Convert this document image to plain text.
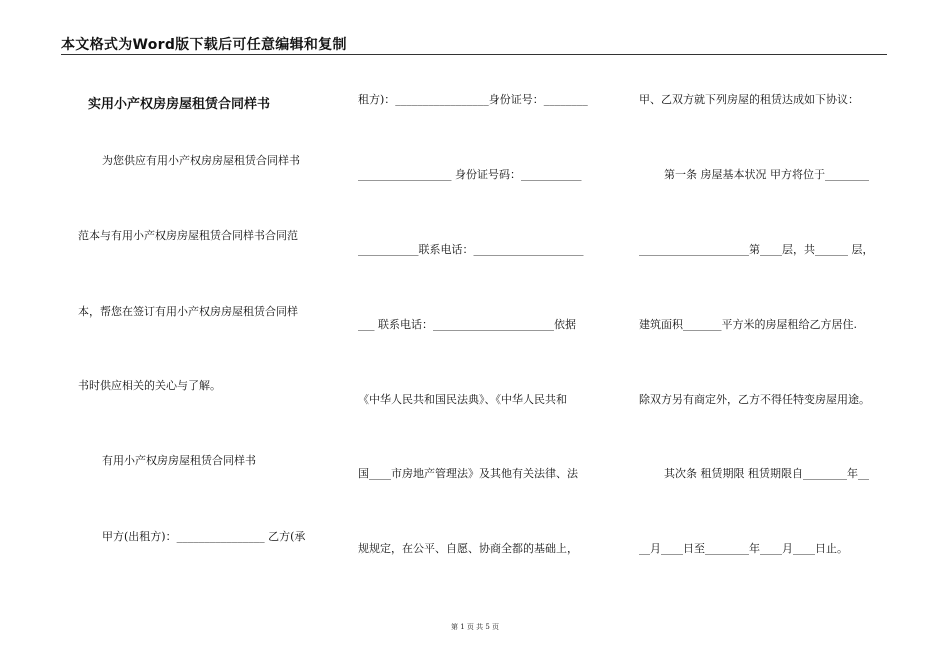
本文格式为Word版下载后可任意编辑和复制
实用小产权房房屋租赁合同样书
为您供应有用小产权房房屋租赁合同样书
范本与有用小产权房房屋租赁合同样书合同范
本，帮您在签订有用小产权房房屋租赁合同样
书时供应相关的关心与了解。
有用小产权房房屋租赁合同样书
甲方(出租方)：________________ 乙方(承
租方)：_________________身份证号：________
_________________ 身份证号码：___________
___________联系电话：____________________
___ 联系电话：______________________依据
《中华人民共和国民法典》、《中华人民共和
国____市房地产管理法》及其他有关法律、法
规规定，在公平、自愿、协商全都的基础上，
甲、乙双方就下列房屋的租赁达成如下协议：
第一条 房屋基本状况 甲方将位于________
____________________第____层，共______ 层，
建筑面积_______平方米的房屋租给乙方居住.
除双方另有商定外，乙方不得任特变房屋用途。
其次条 租赁期限 租赁期限自________年__
__月____日至________年____月____日止。
第 1 页 共 5 页
